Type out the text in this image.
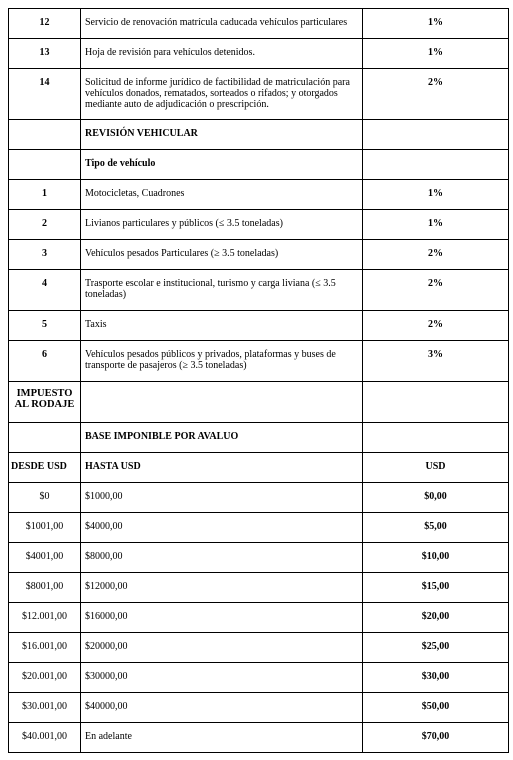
12	Servicio de renovación matrícula caducada vehículos particulares	1%
13	Hoja de revisión para vehículos detenidos.	1%
14	Solicitud de informe jurídico de factibilidad de matriculación para vehículos donados, rematados, sorteados o rifados; y otorgados mediante auto de adjudicación o prescripción.	2%
	REVISIÓN VEHICULAR	
	Tipo de vehículo	
1	Motocicletas, Cuadrones	1%
2	Livianos particulares y públicos (≤ 3.5 toneladas)	1%
3	Vehículos pesados Particulares (≥ 3.5 toneladas)	2%
4	Trasporte escolar e institucional, turismo y carga liviana (≤ 3.5 toneladas)	2%
5	Taxis	2%
6	Vehículos pesados públicos y privados, plataformas y buses de transporte de pasajeros (≥ 3.5 toneladas)	3%
IMPUESTO AL RODAJE		
	BASE IMPONIBLE POR AVALUO	
DESDE USD	HASTA USD	USD
$0	$1000,00	$0,00
$1001,00	$4000,00	$5,00
$4001,00	$8000,00	$10,00
$8001,00	$12000,00	$15,00
$12.001,00	$16000,00	$20,00
$16.001,00	$20000,00	$25,00
$20.001,00	$30000,00	$30,00
$30.001,00	$40000,00	$50,00
$40.001,00	En adelante	$70,00
